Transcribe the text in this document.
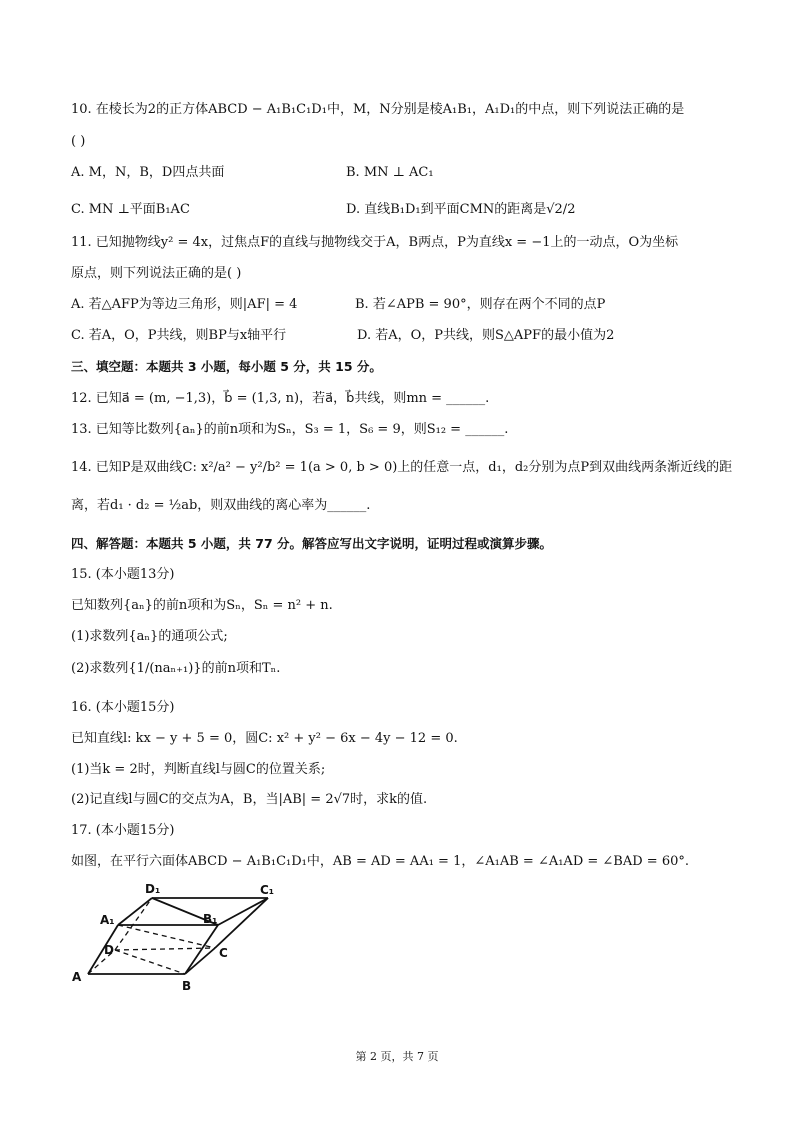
10. 在棱长为2的正方体ABCD − A₁B₁C₁D₁中，M，N分别是棱A₁B₁，A₁D₁的中点，则下列说法正确的是
( )
A. M，N，B，D四点共面	B. MN ⊥ AC₁
C. MN ⊥平面B₁AC	D. 直线B₁D₁到平面CMN的距离是√2/2
11. 已知抛物线y² = 4x，过焦点F的直线与抛物线交于A，B两点，P为直线x = −1上的一动点，O为坐标
原点，则下列说法正确的是( )
A. 若△AFP为等边三角形，则|AF| = 4	B. 若∠APB = 90°，则存在两个不同的点P
C. 若A，O，P共线，则BP与x轴平行	D. 若A，O，P共线，则S△APF的最小值为2
三、填空题：本题共 3 小题，每小题 5 分，共 15 分。
12. 已知a⃗ = (m, −1,3)，b⃗ = (1,3, n)，若a⃗，b⃗共线，则mn = ______.
13. 已知等比数列{aₙ}的前n项和为Sₙ，S₃ = 1，S₆ = 9，则S₁₂ = ______.
14. 已知P是双曲线C: x²/a² − y²/b² = 1(a > 0, b > 0)上的任意一点，d₁，d₂分别为点P到双曲线两条渐近线的距
离，若d₁ · d₂ = ½ab，则双曲线的离心率为______.
四、解答题：本题共 5 小题，共 77 分。解答应写出文字说明，证明过程或演算步骤。
15. (本小题13分)
已知数列{aₙ}的前n项和为Sₙ，Sₙ = n² + n.
(1)求数列{aₙ}的通项公式;
(2)求数列{1/(naₙ₊₁)}的前n项和Tₙ.
16. (本小题15分)
已知直线l: kx − y + 5 = 0，圆C: x² + y² − 6x − 4y − 12 = 0.
(1)当k = 2时，判断直线l与圆C的位置关系;
(2)记直线l与圆C的交点为A，B，当|AB| = 2√7时，求k的值.
17. (本小题15分)
如图，在平行六面体ABCD − A₁B₁C₁D₁中，AB = AD = AA₁ = 1，∠A₁AB = ∠A₁AD = ∠BAD = 60°.
A
B
C
D
A₁	B₁
C₁
D₁
第 2 页，共 7 页
